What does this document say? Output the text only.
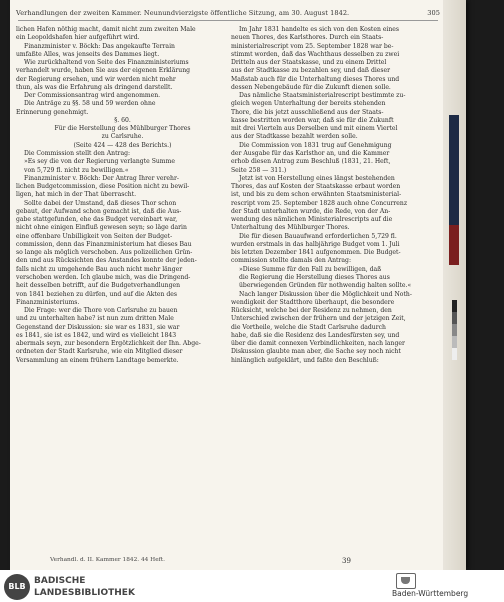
Verhandlungen der zweiten Kammer. Neunundvierzigste öffentliche Sitzung, am 30. August 1842.	305
lichen Hafen nöthig macht, damit nicht zum zweiten Male
ein Leopoldshafen hier aufgeführt wird.
Finanzminister v. Böckh: Das angekaufte Terrain
umfaßte Alles, was jenseits des Dammes liegt.
Wie zurückhaltend von Seite des Finanzministeriums
verhandelt wurde, haben Sie aus der eigenen Erklärung
der Regierung ersehen, und wir werden nicht mehr
thun, als was die Erfahrung als dringend darstellt.
Der Commissionsantrag wird angenommen.
Die Anträge zu §§. 58 und 59 werden ohne
Erinnerung genehmigt.
§. 60.
Für die Herstellung des Mühlburger Thores
zu Carlsruhe.
(Seite 424 — 428 des Berichts.)
Die Commission stellt den Antrag:
»Es sey die von der Regierung verlangte Summe
von 5,729 fl. nicht zu bewilligen.«
Finanzminister v. Böckh: Der Antrag Ihrer verehr-
lichen Budgetcommission, diese Position nicht zu bewil-
ligen, hat mich in der That überrascht.
Sollte dabei der Umstand, daß dieses Thor schon
gebaut, der Aufwand schon gemacht ist, daß die Aus-
gabe stattgefunden, ehe das Budget vereinbart war,
nicht ohne einigen Einfluß gewesen seyn; so läge darin
eine offenbare Unbilligkeit von Seiten der Budget-
commission, denn das Finanzministerium hat dieses Bau
so lange als möglich verschoben. Aus polizeilichen Grün-
den und aus Rücksichten des Anstandes konnte der jeden-
falls nicht zu umgehende Bau auch nicht mehr länger
verschoben werden. Ich glaube mich, was die Dringend-
heit desselben betrifft, auf die Budgetverhandlungen
von 1841 beziehen zu dürfen, und auf die Akten des
Finanzministeriums.
Die Frage: wer die Thore von Carlsruhe zu bauen
und zu unterhalten habe? ist nun zum dritten Male
Gegenstand der Diskussion: sie war es 1831, sie war
es 1841, sie ist es 1842, und wird es vielleicht 1843
abermals seyn, zur besondern Ergötzlichkeit der Ihn. Abge-
ordneten der Stadt Karlsruhe, wie ein Mitglied dieser
Versammlung an einem frühern Landtage bemerkte.
Im Jahr 1831 handelte es sich von den Kosten eines
neuen Thores, des Karlsthores. Durch ein Staats-
ministerialrescript vom 25. September 1828 war be-
stimmt worden, daß das Wachthaus desselben zu zwei
Dritteln aus der Staatskasse, und zu einem Drittel
aus der Stadtkasse zu bezahlen sey, und daß dieser
Maßstab auch für die Unterhaltung dieses Thores und
dessen Nebengebäude für die Zukunft dienen solle.
Das nämliche Staatsministerialrescript bestimmte zu-
gleich wegen Unterhaltung der bereits stehenden
Thore, die bis jetzt ausschließend aus der Staats-
kasse bestritten worden war, daß sie für die Zukunft
mit drei Vierteln aus Derselben und mit einem Viertel
aus der Stadtkasse bezahlt werden solle.
Die Commission von 1831 trug auf Genehmigung
der Ausgabe für das Karlsthor an, und die Kammer
erhob diesen Antrag zum Beschluß (1831, 21. Heft,
Seite 258 — 311.)
Jetzt ist von Herstellung eines längst bestehenden
Thores, das auf Kosten der Staatskasse erbaut worden
ist, und bis zu dem schon erwähnten Staatsministerial-
rescript vom 25. September 1828 auch ohne Concurrenz
der Stadt unterhalten wurde, die Rede, von der An-
wendung des nämlichen Ministerialrescripts auf die
Unterhaltung des Mühlburger Thores.
Die für diesen Bauaufwand erforderlichen 5,729 fl.
wurden erstmals in das halbjährige Budget vom 1. Juli
bis letzten Dezember 1841 aufgenommen. Die Budget-
commission stellte damals den Antrag:
»Diese Summe für den Fall zu bewilligen, daß
die Regierung die Herstellung dieses Thores aus
überwiegenden Gründen für nothwendig halten sollte.«
Nach langer Diskussion über die Möglichkeit und Noth-
wendigkeit der Stadtthore überhaupt, die besondere
Rücksicht, welche bei der Residenz zu nehmen, den
Unterschied zwischen der frühern und der jetzigen Zeit,
die Vortheile, welche die Stadt Carlsruhe dadurch
habe, daß sie die Residenz des Landesfürsten sey, und
über die damit connexen Verbindlichkeiten, nach langer
Diskussion glaubte man aber, die Sache sey noch nicht
hinlänglich aufgeklärt, und faßte den Beschluß:
Verhandl. d. II. Kammer 1842. 44 Heft.	39
BLB
BADISCHE
LANDESBIBLIOTHEK	Baden-Württemberg
